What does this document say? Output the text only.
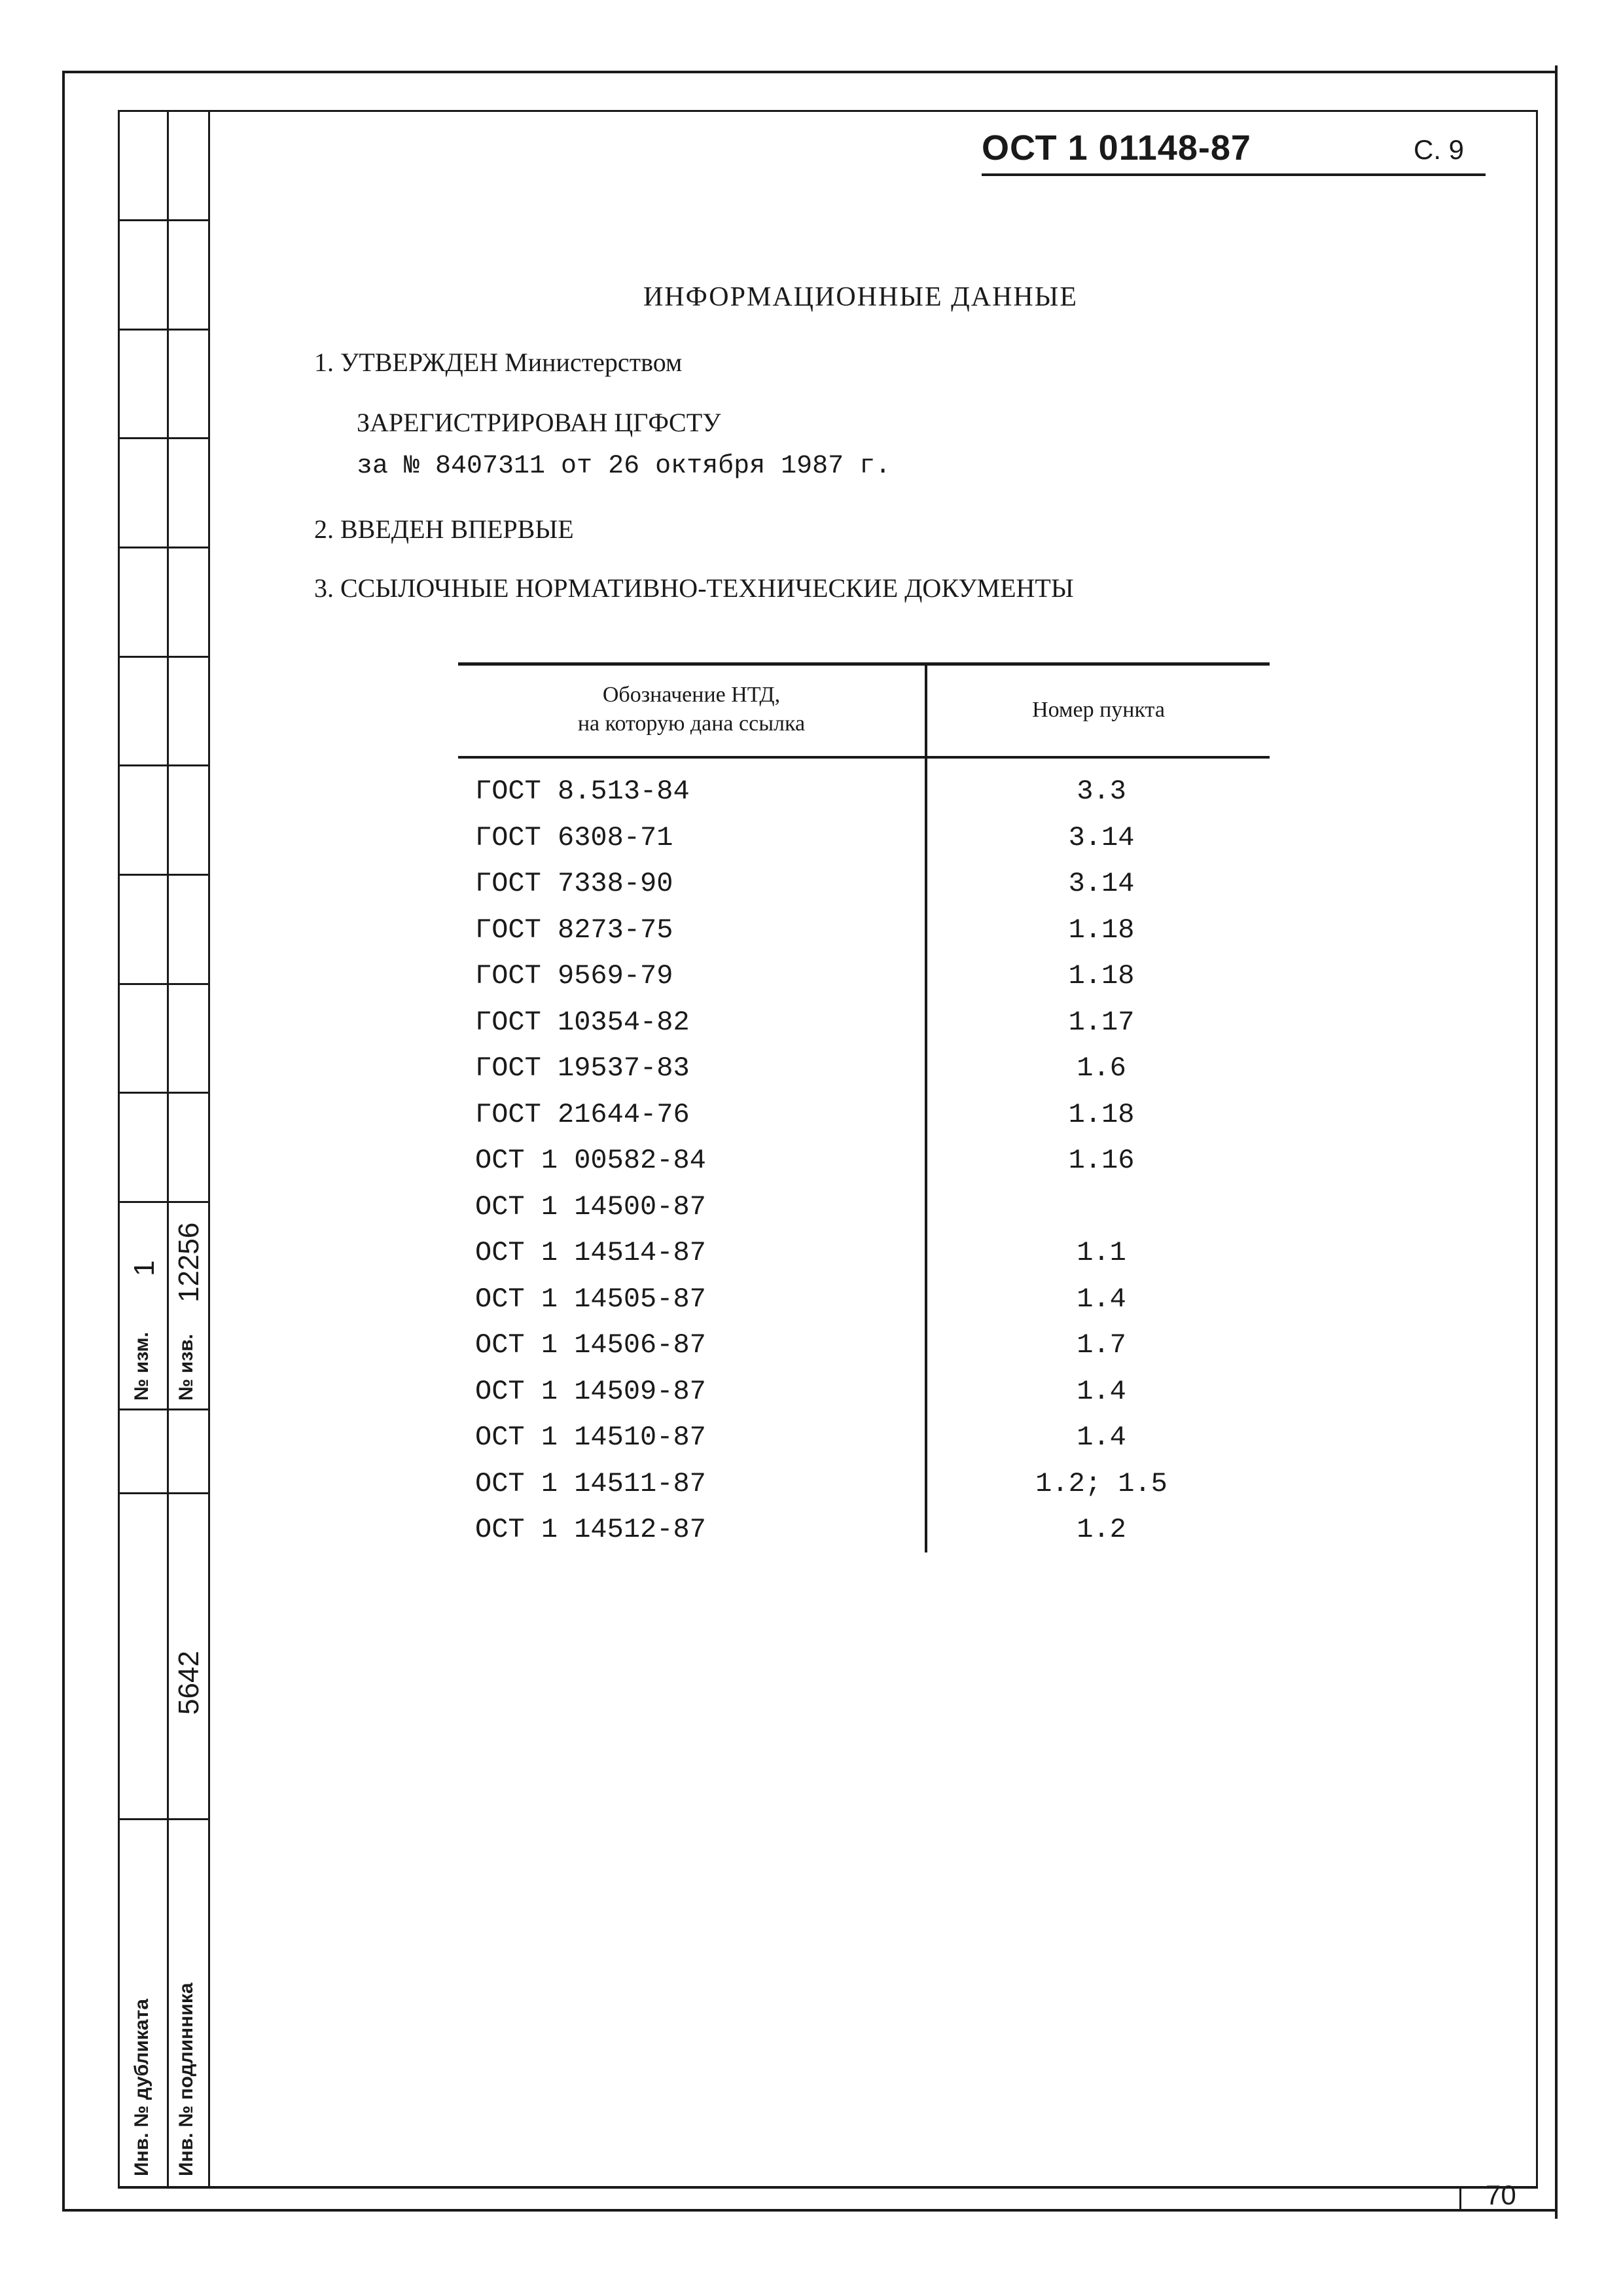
№ изм.
1
№ изв.
12256
5642
Инв. № дубликата Инв. № подлинника
ОСТ 1 01148-87	С. 9
ИНФОРМАЦИОННЫЕ ДАННЫЕ
1. УТВЕРЖДЕН Министерством
ЗАРЕГИСТРИРОВАН ЦГФСТУ
за № 8407311 от 26 октября 1987 г.
2. ВВЕДЕН ВПЕРВЫЕ
3. ССЫЛОЧНЫЕ НОРМАТИВНО-ТЕХНИЧЕСКИЕ ДОКУМЕНТЫ
Обозначение НТД,
на которую дана ссылка
Номер пункта
ГОСТ 8.513-84	3.3
ГОСТ 6308-71	3.14
ГОСТ 7338-90	3.14
ГОСТ 8273-75	1.18
ГОСТ 9569-79	1.18
ГОСТ 10354-82	1.17
ГОСТ 19537-83	1.6
ГОСТ 21644-76	1.18
ОСТ 1 00582-84	1.16
ОСТ 1 14500-87
ОСТ 1 14514-87	1.1
ОСТ 1 14505-87	1.4
ОСТ 1 14506-87	1.7
ОСТ 1 14509-87	1.4
ОСТ 1 14510-87	1.4
ОСТ 1 14511-87	1.2; 1.5
ОСТ 1 14512-87	1.2
70
